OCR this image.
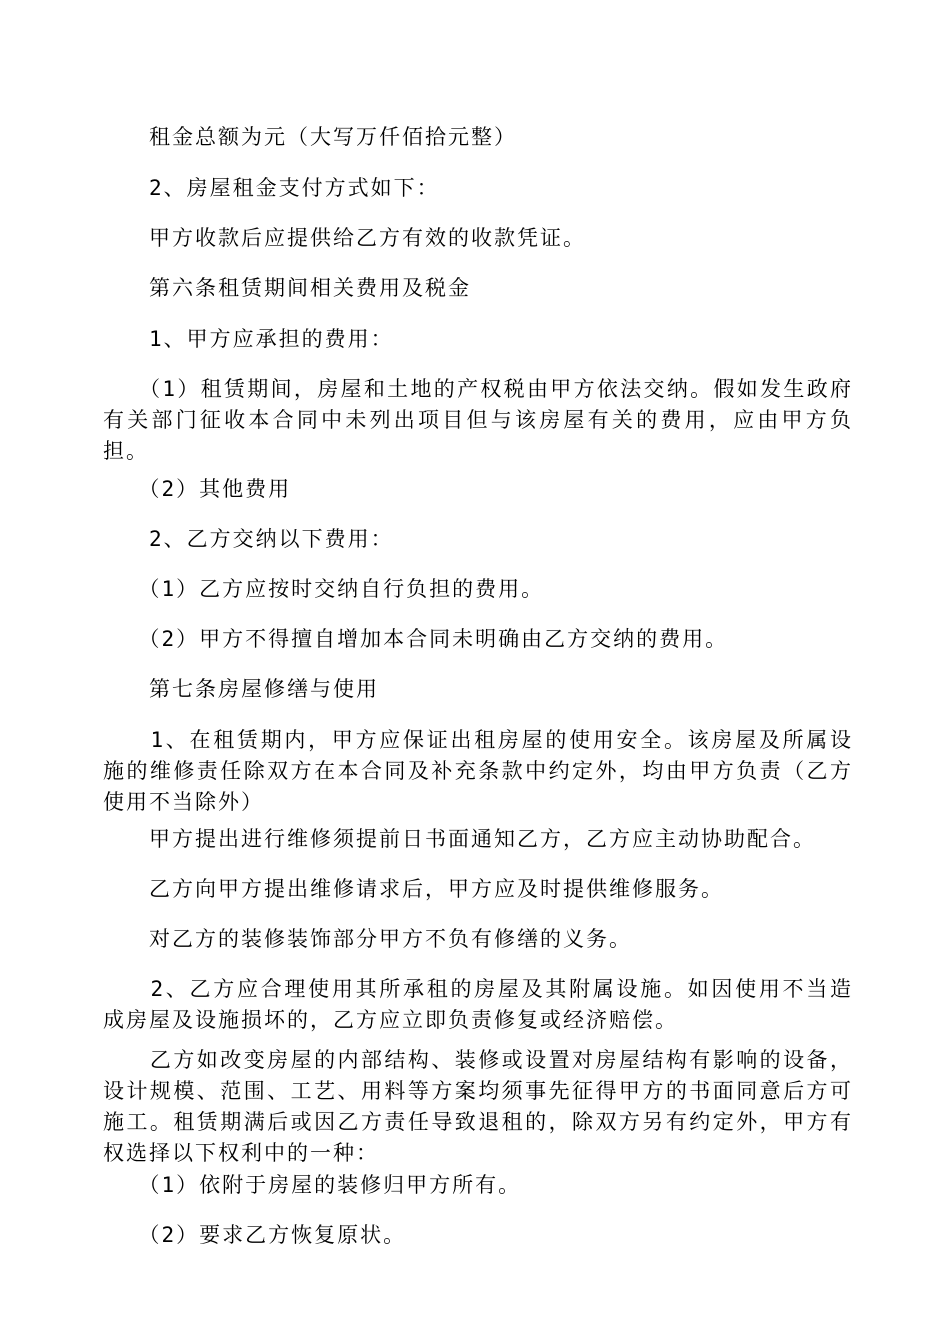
　　租金总额为元（大写万仟佰拾元整）

　　2、房屋租金支付方式如下：

　　甲方收款后应提供给乙方有效的收款凭证。

　　第六条租赁期间相关费用及税金

　　1、甲方应承担的费用：

　　（1）租赁期间，房屋和土地的产权税由甲方依法交纳。假如发生政府有关部门征收本合同中未列出项目但与该房屋有关的费用，应由甲方负担。

　　（2）其他费用

　　2、乙方交纳以下费用：

　　（1）乙方应按时交纳自行负担的费用。

　　（2）甲方不得擅自增加本合同未明确由乙方交纳的费用。

　　第七条房屋修缮与使用

　　1、在租赁期内，甲方应保证出租房屋的使用安全。该房屋及所属设施的维修责任除双方在本合同及补充条款中约定外，均由甲方负责（乙方使用不当除外）

　　甲方提出进行维修须提前日书面通知乙方，乙方应主动协助配合。

　　乙方向甲方提出维修请求后，甲方应及时提供维修服务。

　　对乙方的装修装饰部分甲方不负有修缮的义务。

　　2、乙方应合理使用其所承租的房屋及其附属设施。如因使用不当造成房屋及设施损坏的，乙方应立即负责修复或经济赔偿。

　　乙方如改变房屋的内部结构、装修或设置对房屋结构有影响的设备，设计规模、范围、工艺、用料等方案均须事先征得甲方的书面同意后方可施工。租赁期满后或因乙方责任导致退租的，除双方另有约定外，甲方有权选择以下权利中的一种：

　　（1）依附于房屋的装修归甲方所有。

　　（2）要求乙方恢复原状。
